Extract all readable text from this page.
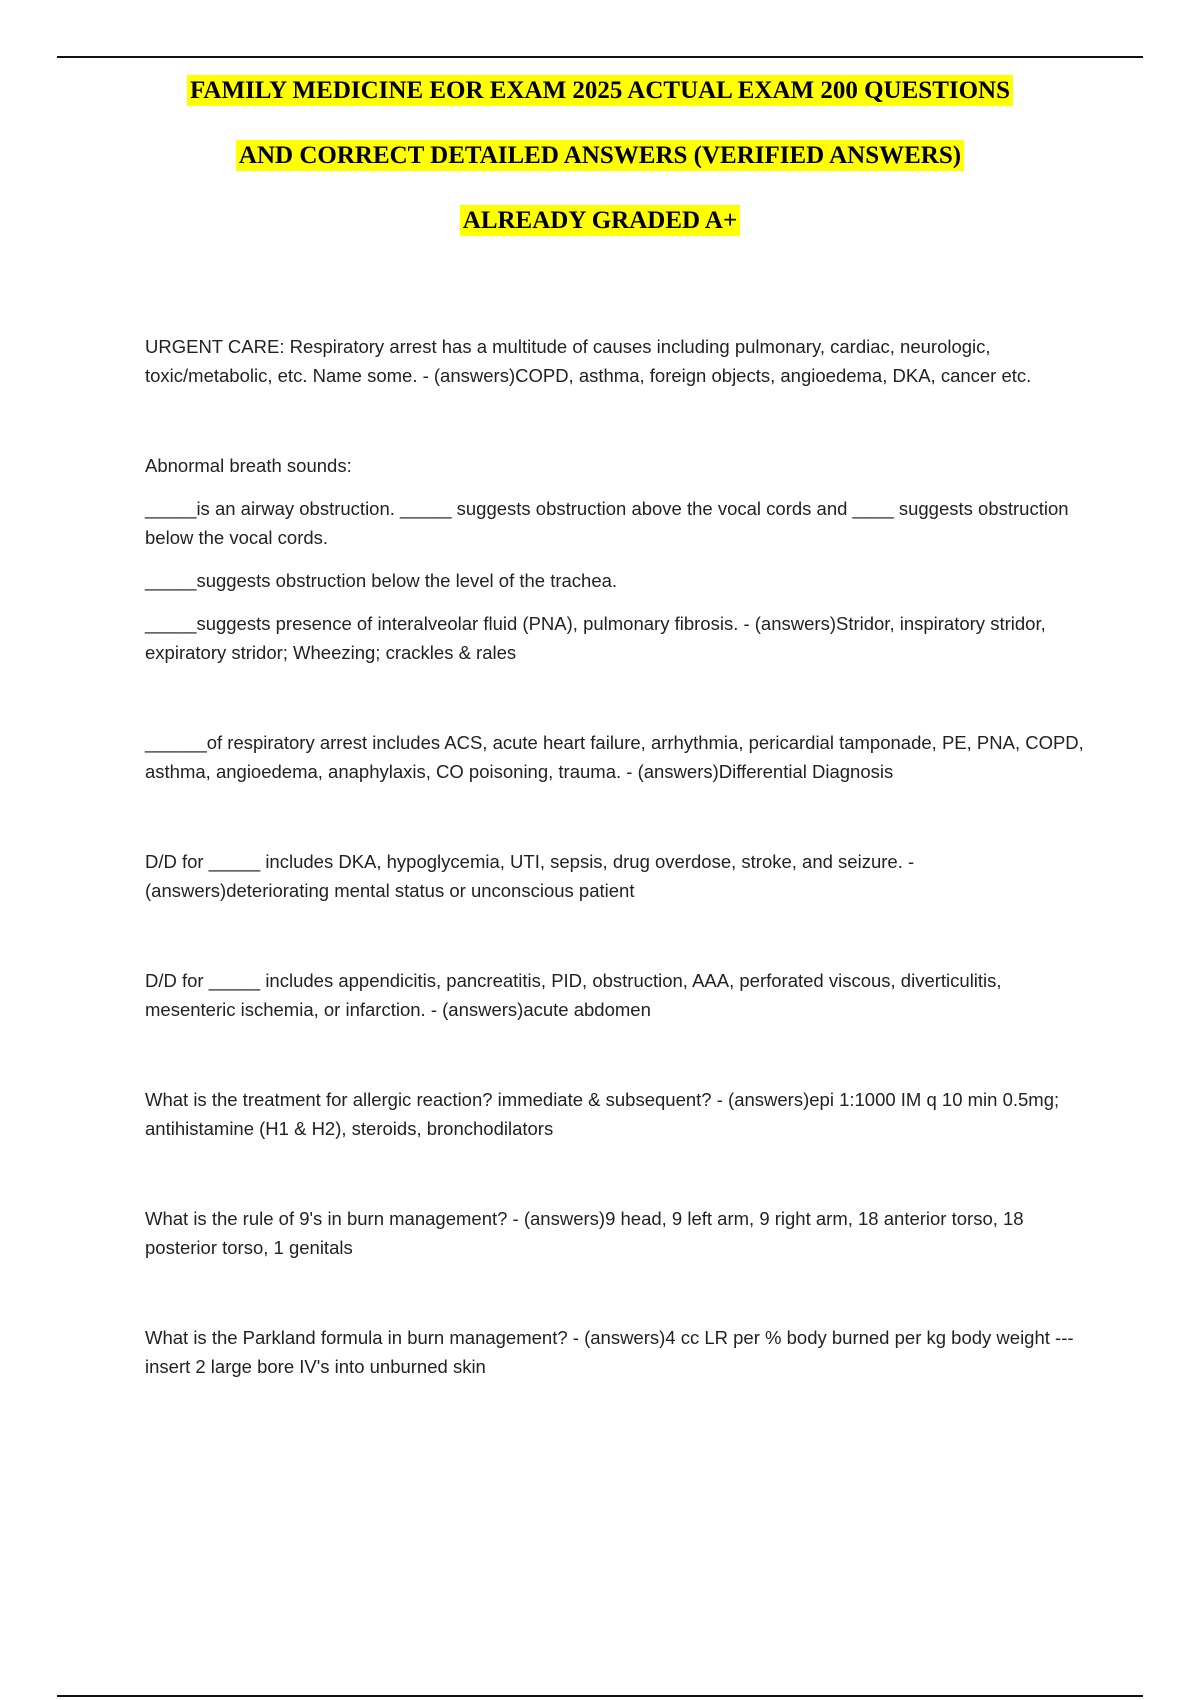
FAMILY MEDICINE EOR EXAM 2025 ACTUAL EXAM 200 QUESTIONS
AND CORRECT DETAILED ANSWERS (VERIFIED ANSWERS)
ALREADY GRADED A+

URGENT CARE: Respiratory arrest has a multitude of causes including pulmonary, cardiac, neurologic, toxic/metabolic, etc. Name some. - (answers)COPD, asthma, foreign objects, angioedema, DKA, cancer etc.

Abnormal breath sounds:

_____is an airway obstruction. _____ suggests obstruction above the vocal cords and ____ suggests obstruction below the vocal cords.

_____suggests obstruction below the level of the trachea.

_____suggests presence of interalveolar fluid (PNA), pulmonary fibrosis. - (answers)Stridor, inspiratory stridor, expiratory stridor; Wheezing; crackles & rales

______of respiratory arrest includes ACS, acute heart failure, arrhythmia, pericardial tamponade, PE, PNA, COPD, asthma, angioedema, anaphylaxis, CO poisoning, trauma. - (answers)Differential Diagnosis

D/D for _____ includes DKA, hypoglycemia, UTI, sepsis, drug overdose, stroke, and seizure. - (answers)deteriorating mental status or unconscious patient

D/D for _____ includes appendicitis, pancreatitis, PID, obstruction, AAA, perforated viscous, diverticulitis, mesenteric ischemia, or infarction. - (answers)acute abdomen

What is the treatment for allergic reaction? immediate & subsequent? - (answers)epi 1:1000 IM q 10 min 0.5mg; antihistamine (H1 & H2), steroids, bronchodilators

What is the rule of 9's in burn management? - (answers)9 head, 9 left arm, 9 right arm, 18 anterior torso, 18 posterior torso, 1 genitals

What is the Parkland formula in burn management? - (answers)4 cc LR per % body burned per kg body weight --- insert 2 large bore IV's into unburned skin
